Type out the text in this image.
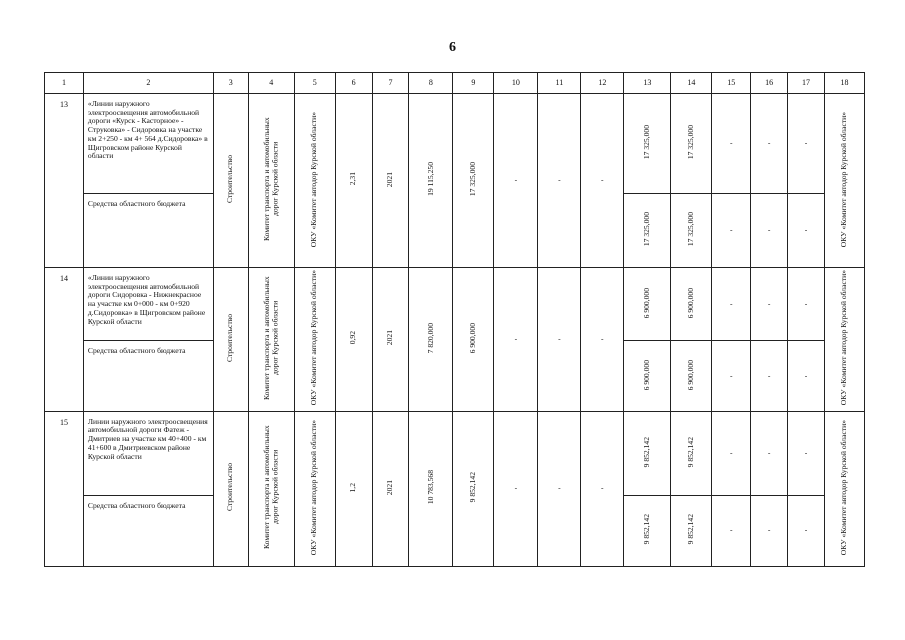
6
1	2	3	4	5	6	7	8	9	10	11	12	13	14	15	16	17	18
13	«Линии наружного электроосвещения автомобильной дороги «Курск - Касторное» - Струковка» - Сидоровка на участке км 2+250 - км 4+ 564 д.Сидоровка» в Щигровском районе Курской области	Строительство	Комитет транспорта и автомобильных дорог Курской области	ОКУ «Комитет автодор Курской области»	2,31	2021	19 115,250	17 325,000	-	-	-	17 325,000	17 325,000	-	-	-	ОКУ «Комитет автодор Курской области»
	Средства областного бюджета											17 325,000	17 325,000	-	-	-	
14	«Линии наружного электроосвещения автомобильной дороги Сидоровка - Нижнекрасное на участке км 0+000 - км 0+920 д.Сидоровка» в Щигровском районе Курской области	Строительство	Комитет транспорта и автомобильных дорог Курской области	ОКУ «Комитет автодор Курской области»	0,92	2021	7 820,000	6 900,000	-	-	-	6 900,000	6 900,000	-	-	-	ОКУ «Комитет автодор Курской области»
	Средства областного бюджета											6 900,000	6 900,000	-	-	-	
15	Линии наружного электроосвещения автомобильной дороги Фатеж - Дмитриев на участке км 40+400 - км 41+600 в Дмитриевском районе Курской области	Строительство	Комитет транспорта и автомобильных дорог Курской области	ОКУ «Комитет автодор Курской области»	1,2	2021	10 783,568	9 852,142	-	-	-	9 852,142	9 852,142	-	-	-	ОКУ «Комитет автодор Курской области»
	Средства областного бюджета											9 852,142	9 852,142	-	-	-	
